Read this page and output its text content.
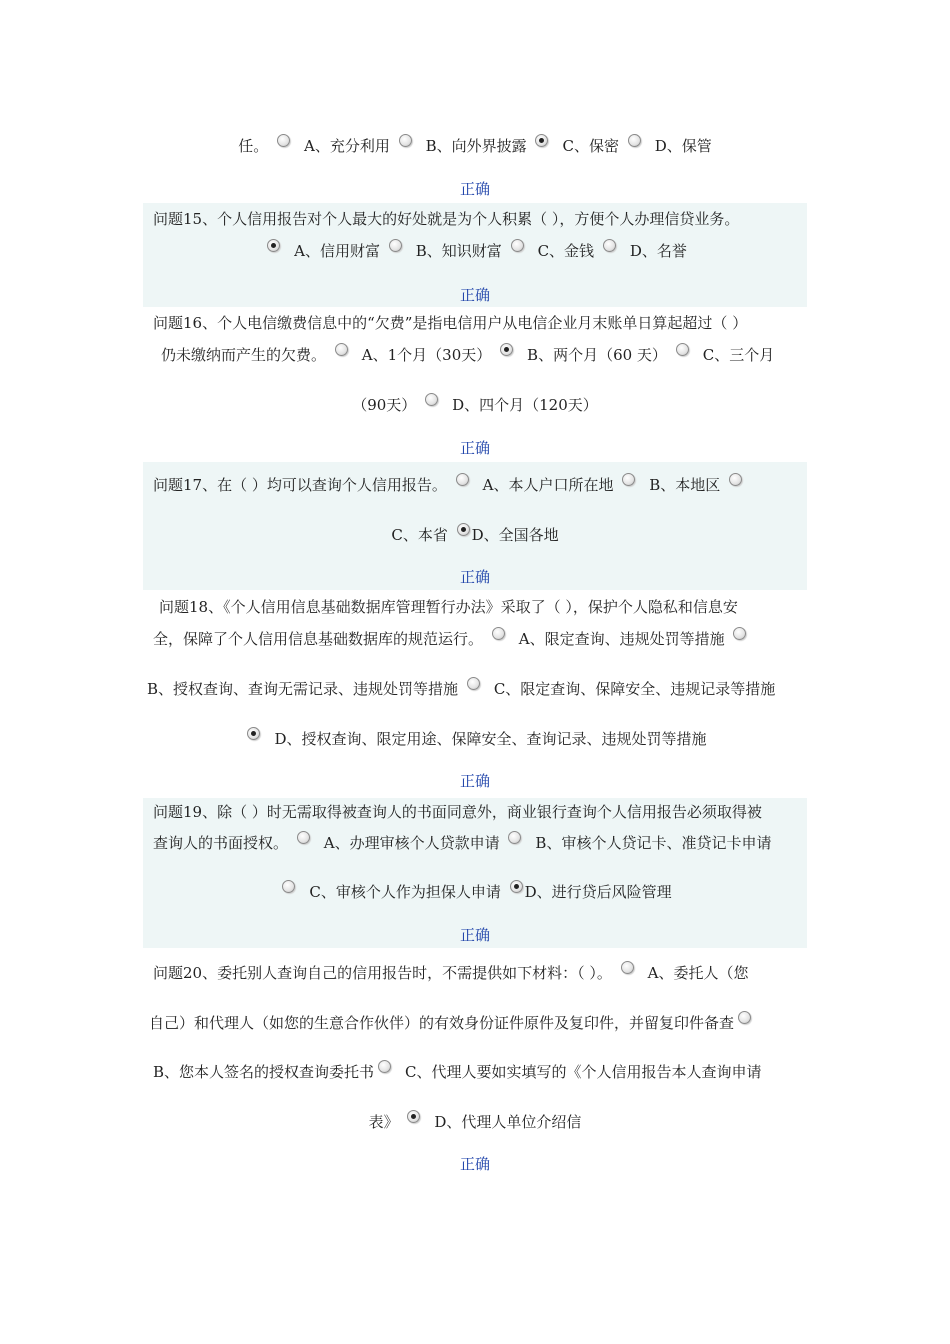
任。 A、充分利用 B、向外界披露 C、保密 D、保管
正确
问题15、个人信用报告对个人最大的好处就是为个人积累（ ），方便个人办理信贷业务。
A、信用财富 B、知识财富 C、金钱 D、名誉
正确
问题16、个人电信缴费信息中的“欠费”是指电信用户从电信企业月末账单日算起超过（ ）
仍未缴纳而产生的欠费。 A、1个月（30天） B、两个月（60 天） C、三个月
（90天） D、四个月（120天）
正确
问题17、在（ ）均可以查询个人信用报告。 A、本人户口所在地 B、本地区
C、本省 D、全国各地
正确
问题18、《个人信用信息基础数据库管理暂行办法》采取了（ ），保护个人隐私和信息安
全，保障了个人信用信息基础数据库的规范运行。 A、限定查询、违规处罚等措施
B、授权查询、查询无需记录、违规处罚等措施 C、限定查询、保障安全、违规记录等措施
D、授权查询、限定用途、保障安全、查询记录、违规处罚等措施
正确
问题19、除（ ）时无需取得被查询人的书面同意外，商业银行查询个人信用报告必须取得被
查询人的书面授权。 A、办理审核个人贷款申请 B、审核个人贷记卡、准贷记卡申请
C、审核个人作为担保人申请 D、进行贷后风险管理
正确
问题20、委托别人查询自己的信用报告时，不需提供如下材料：（ ）。 A、委托人（您
自己）和代理人（如您的生意合作伙伴）的有效身份证件原件及复印件，并留复印件备查
B、您本人签名的授权查询委托书 C、代理人要如实填写的《个人信用报告本人查询申请
表》 D、代理人单位介绍信
正确
